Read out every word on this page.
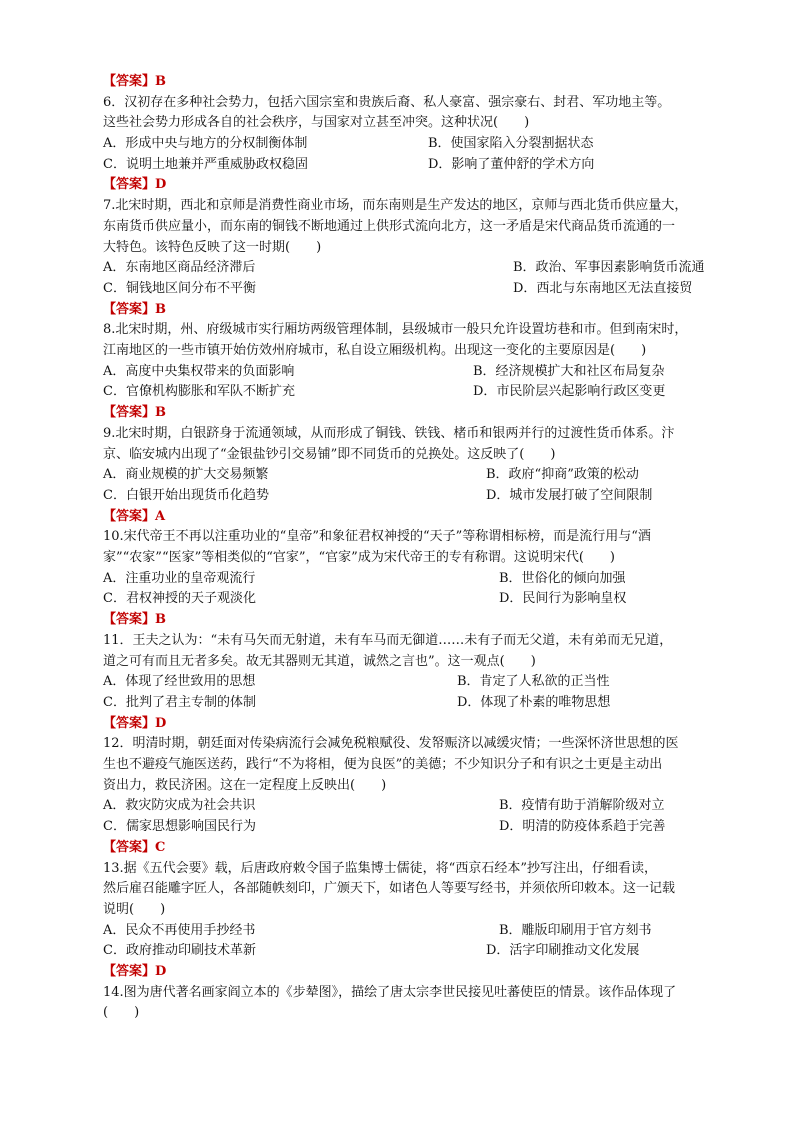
【答案】B
6．汉初存在多种社会势力，包括六国宗室和贵族后裔、私人豪富、强宗豪右、封君、军功地主等。
这些社会势力形成各自的社会秩序，与国家对立甚至冲突。这种状况(　　)
A．形成中央与地方的分权制衡体制	B．使国家陷入分裂割据状态
C．说明土地兼并严重威胁政权稳固	D．影响了董仲舒的学术方向
【答案】D
7.北宋时期，西北和京师是消费性商业市场，而东南则是生产发达的地区，京师与西北货币供应量大，
东南货币供应量小，而东南的铜钱不断地通过上供形式流向北方，这一矛盾是宋代商品货币流通的一
大特色。该特色反映了这一时期(　　)
A．东南地区商品经济滞后	B．政治、军事因素影响货币流通
C．铜钱地区间分布不平衡	D．西北与东南地区无法直接贸
【答案】B
8.北宋时期，州、府级城市实行厢坊两级管理体制，县级城市一般只允许设置坊巷和市。但到南宋时，
江南地区的一些市镇开始仿效州府城市，私自设立厢级机构。出现这一变化的主要原因是(　　)
A．高度中央集权带来的负面影响	B．经济规模扩大和社区布局复杂
C．官僚机构膨胀和军队不断扩充	D．市民阶层兴起影响行政区变更
【答案】B
9.北宋时期，白银跻身于流通领域，从而形成了铜钱、铁钱、楮币和银两并行的过渡性货币体系。汴
京、临安城内出现了“金银盐钞引交易铺”即不同货币的兑换处。这反映了(　　)
A．商业规模的扩大交易频繁	B．政府“抑商”政策的松动
C．白银开始出现货币化趋势	D．城市发展打破了空间限制
【答案】A
10.宋代帝王不再以注重功业的“皇帝”和象征君权神授的“天子”等称谓相标榜，而是流行用与“酒
家”“农家”“医家”等相类似的“官家”，“官家”成为宋代帝王的专有称谓。这说明宋代(　　)
A．注重功业的皇帝观流行	B．世俗化的倾向加强
C．君权神授的天子观淡化	D．民间行为影响皇权
【答案】B
11．王夫之认为：“未有马矢而无射道，未有车马而无御道……未有子而无父道，未有弟而无兄道，
道之可有而且无者多矣。故无其器则无其道，诚然之言也”。这一观点(　　)
A．体现了经世致用的思想	B．肯定了人私欲的正当性
C．批判了君主专制的体制	D．体现了朴素的唯物思想
【答案】D
12．明清时期，朝廷面对传染病流行会减免税粮赋役、发帑赈济以减缓灾情；一些深怀济世思想的医
生也不避疫气施医送药，践行“不为将相，便为良医”的美德；不少知识分子和有识之士更是主动出
资出力，救民济困。这在一定程度上反映出(　　)
A．救灾防灾成为社会共识	B．疫情有助于消解阶级对立
C．儒家思想影响国民行为	D．明清的防疫体系趋于完善
【答案】C
13.据《五代会要》载，后唐政府敕令国子监集博士儒徒，将“西京石经本”抄写注出，仔细看读，
然后雇召能雕字匠人，各部随帙刻印，广颁天下，如诸色人等要写经书，并须依所印敕本。这一记载
说明(　　)
A．民众不再使用手抄经书	B．雕版印刷用于官方刻书
C．政府推动印刷技术革新	D．活字印刷推动文化发展
【答案】D
14.图为唐代著名画家阎立本的《步辇图》，描绘了唐太宗李世民接见吐蕃使臣的情景。该作品体现了
(　　)
